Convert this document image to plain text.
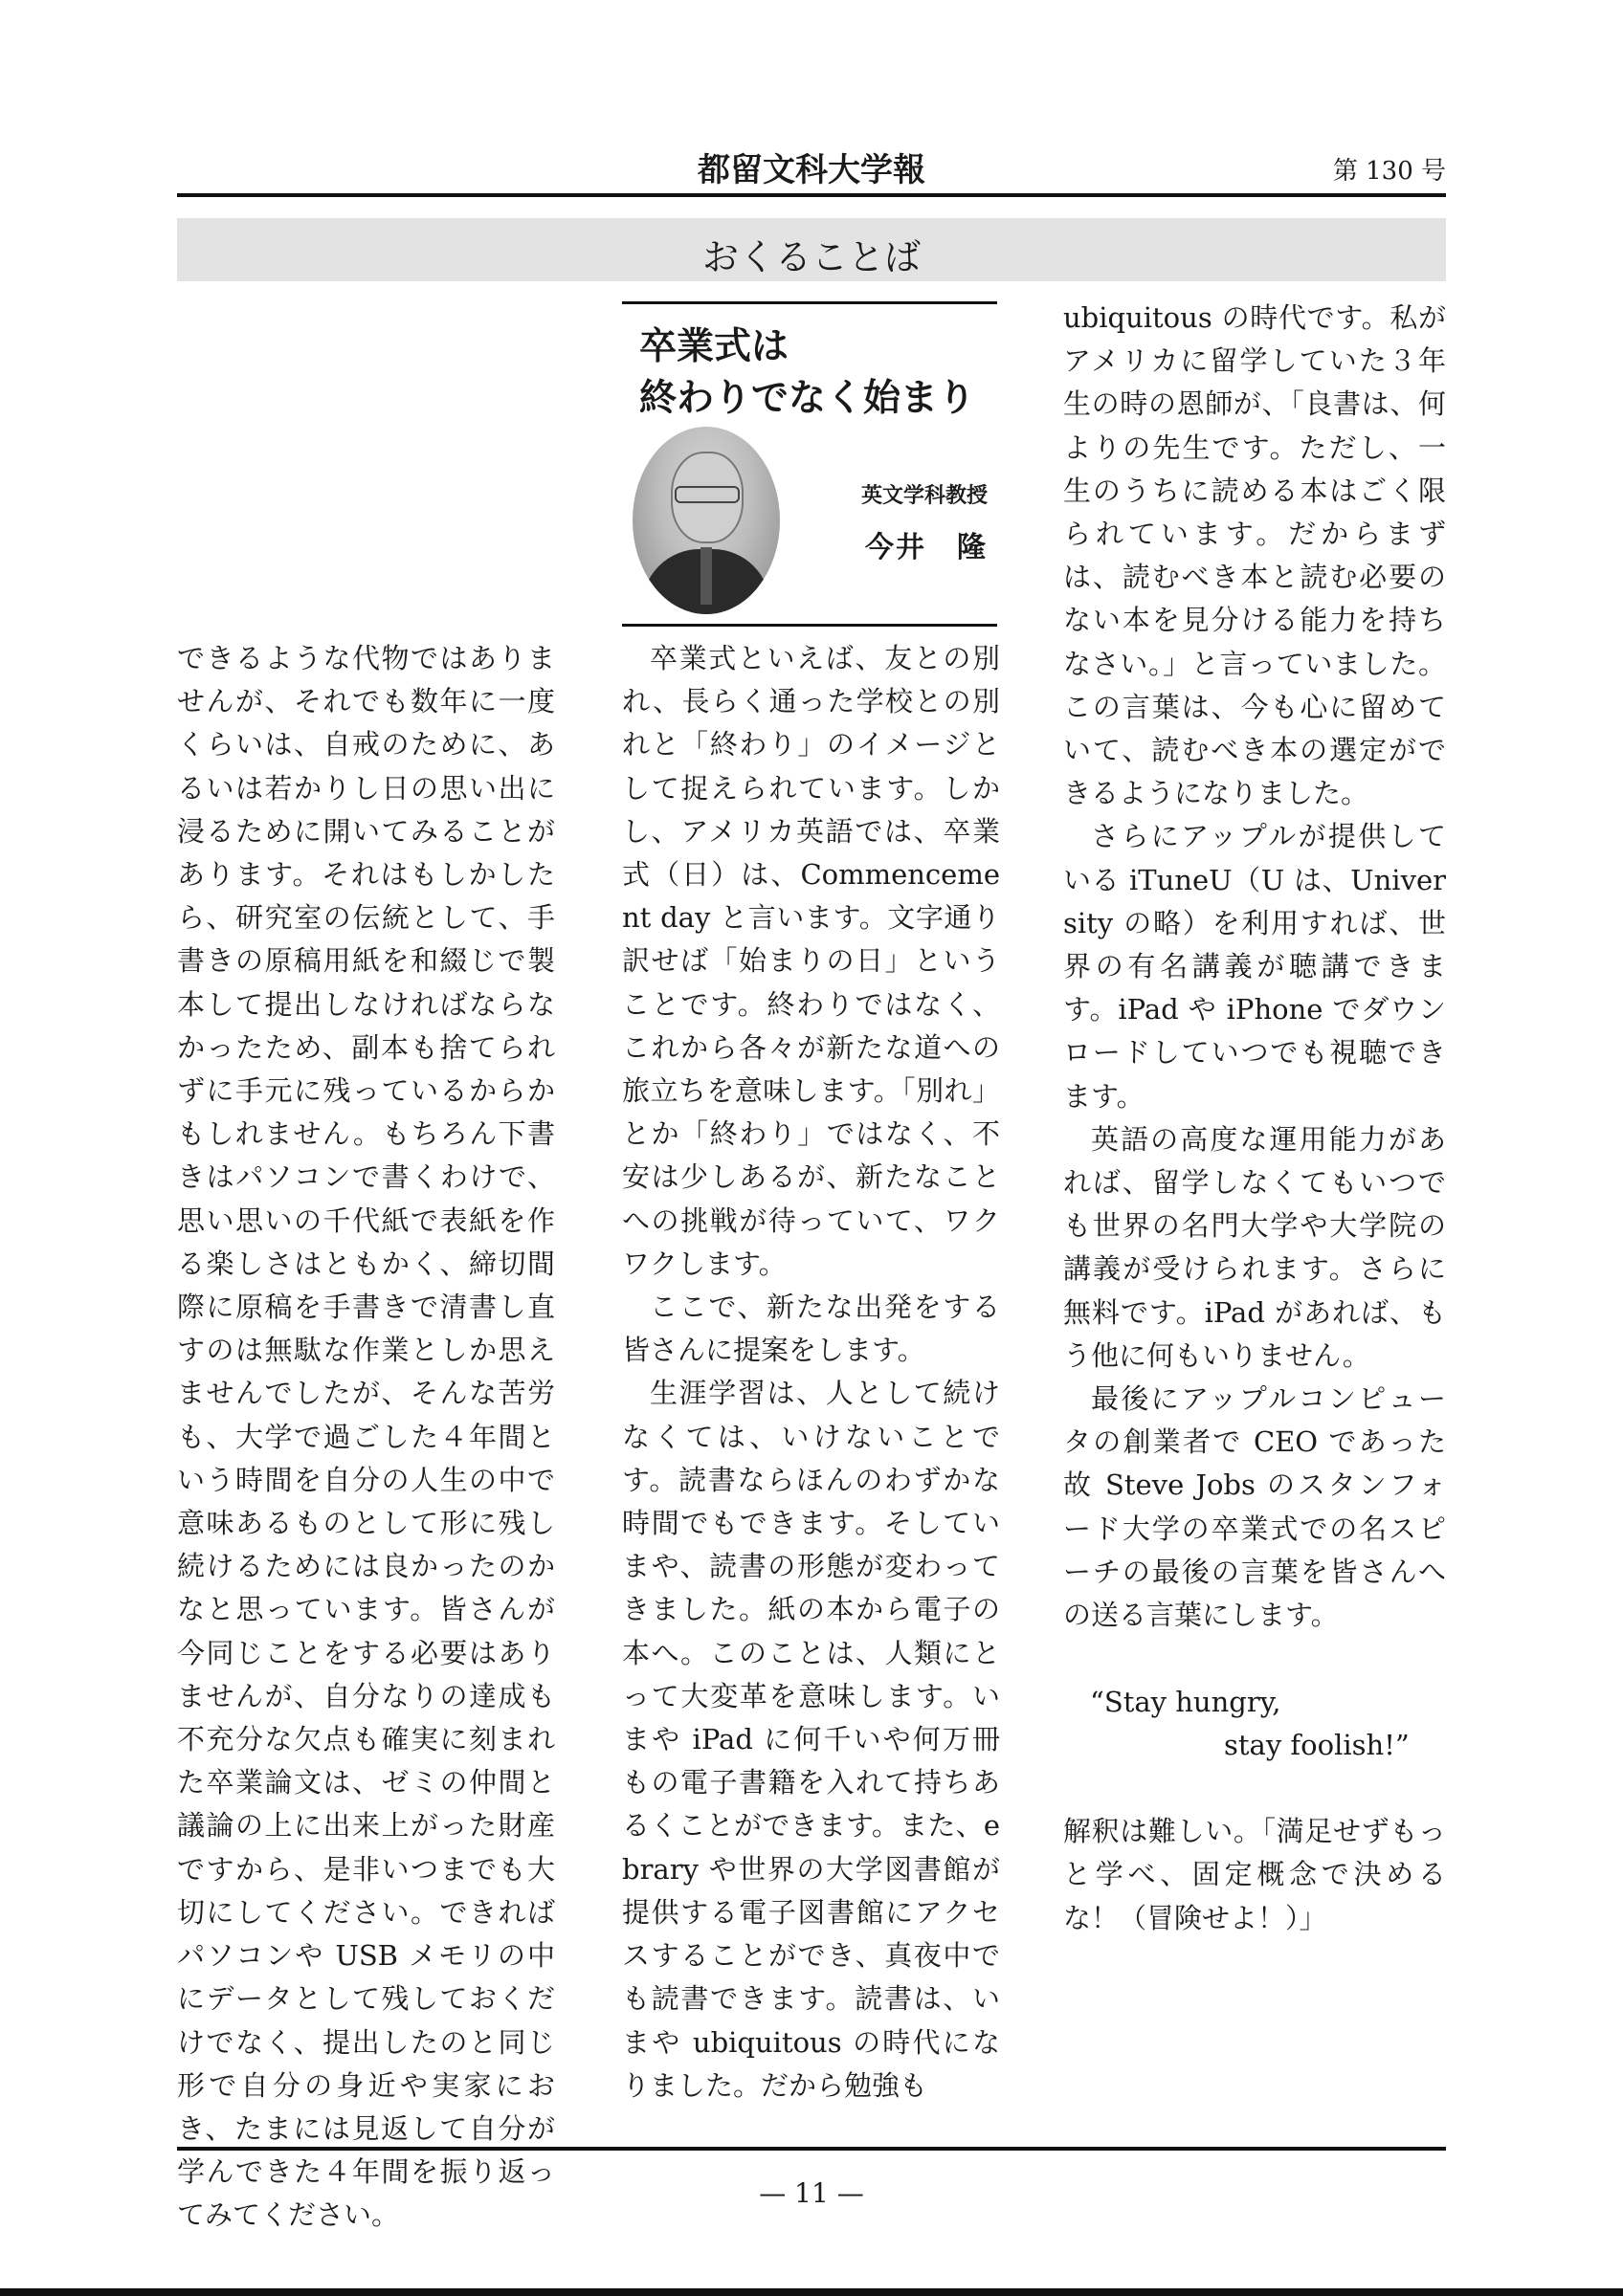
都留文科大学報	第 130 号
おくることば

できるような代物ではありませんが、それでも数年に一度くらいは、自戒のために、あるいは若かりし日の思い出に浸るために開いてみることがあります。それはもしかしたら、研究室の伝統として、手書きの原稿用紙を和綴じで製本して提出しなければならなかったため、副本も捨てられずに手元に残っているからかもしれません。もちろん下書きはパソコンで書くわけで、思い思いの千代紙で表紙を作る楽しさはともかく、締切間際に原稿を手書きで清書し直すのは無駄な作業としか思えませんでしたが、そんな苦労も、大学で過ごした４年間という時間を自分の人生の中で意味あるものとして形に残し続けるためには良かったのかなと思っています。皆さんが今同じことをする必要はありませんが、自分なりの達成も不充分な欠点も確実に刻まれた卒業論文は、ゼミの仲間と議論の上に出来上がった財産ですから、是非いつまでも大切にしてください。できればパソコンや USB メモリの中にデータとして残しておくだけでなく、提出したのと同じ形で自分の身近や実家におき、たまには見返して自分が学んできた４年間を振り返ってみてください。

卒業式は
終わりでなく始まり
英文学科教授
今井　隆

卒業式といえば、友との別れ、長らく通った学校との別れと「終わり」のイメージとして捉えられています。しかし、アメリカ英語では、卒業式（日）は、Commencement day と言います。文字通り訳せば「始まりの日」ということです。終わりではなく、これから各々が新たな道への旅立ちを意味します。「別れ」とか「終わり」ではなく、不安は少しあるが、新たなことへの挑戦が待っていて、ワクワクします。

ここで、新たな出発をする皆さんに提案をします。

生涯学習は、人として続けなくては、いけないことです。読書ならほんのわずかな時間でもできます。そしていまや、読書の形態が変わってきました。紙の本から電子の本へ。このことは、人類にとって大変革を意味します。いまや iPad に何千いや何万冊もの電子書籍を入れて持ちあるくことができます。また、ebrary や世界の大学図書館が提供する電子図書館にアクセスすることができ、真夜中でも読書できます。読書は、いまや ubiquitous の時代になりました。だから勉強も

ubiquitous の時代です。私がアメリカに留学していた３年生の時の恩師が、「良書は、何よりの先生です。ただし、一生のうちに読める本はごく限られています。だからまずは、読むべき本と読む必要のない本を見分ける能力を持ちなさい。」と言っていました。この言葉は、今も心に留めていて、読むべき本の選定ができるようになりました。

さらにアップルが提供している iTuneU（U は、University の略）を利用すれば、世界の有名講義が聴講できます。iPad や iPhone でダウンロードしていつでも視聴できます。

英語の高度な運用能力があれば、留学しなくてもいつでも世界の名門大学や大学院の講義が受けられます。さらに無料です。iPad があれば、もう他に何もいりません。

最後にアップルコンピュータの創業者で CEO であった故 Steve Jobs のスタンフォード大学の卒業式での名スピーチの最後の言葉を皆さんへの送る言葉にします。

“Stay hungry,
stay foolish!”

解釈は難しい。「満足せずもっと学べ、固定概念で決めるな！（冒険せよ！）」

— 11 —
